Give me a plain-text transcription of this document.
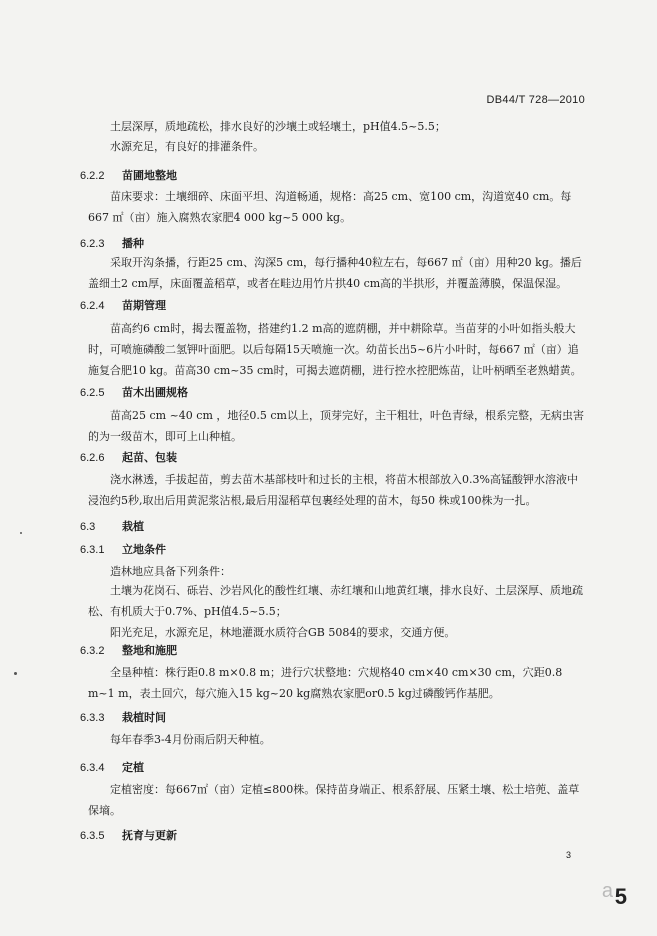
DB44/T 728—2010
土层深厚，质地疏松，排水良好的沙壤土或轻壤土，pH值4.5~5.5；
水源充足，有良好的排灌条件。
6.2.2 苗圃地整地
苗床要求：土壤细碎、床面平坦、沟道畅通，规格：高25 cm、宽100 cm，沟道宽40 cm。每667 ㎡（亩）施入腐熟农家肥4 000 kg~5 000 kg。
6.2.3 播种
采取开沟条播，行距25 cm、沟深5 cm，每行播种40粒左右，每667 ㎡（亩）用种20 kg。播后盖细土2 cm厚，床面覆盖稻草，或者在畦边用竹片拱40 cm高的半拱形，并覆盖薄膜，保温保湿。
6.2.4 苗期管理
苗高约6 cm时，揭去覆盖物，搭建约1.2 m高的遮荫棚，并中耕除草。当苗芽的小叶如指头般大时，可喷施磷酸二氢钾叶面肥。以后每隔15天喷施一次。幼苗长出5~6片小叶时，每667 ㎡（亩）追施复合肥10 kg。苗高30 cm~35 cm时，可揭去遮荫棚，进行控水控肥炼苗，让叶柄晒至老熟蜡黄。
6.2.5 苗木出圃规格
苗高25 cm ~40 cm ，地径0.5 cm以上，顶芽完好，主干粗壮，叶色青绿，根系完整，无病虫害的为一级苗木，即可上山种植。
6.2.6 起苗、包装
浇水淋透，手拔起苗，剪去苗木基部枝叶和过长的主根，将苗木根部放入0.3%高锰酸钾水溶液中浸泡约5秒,取出后用黄泥浆沾根,最后用湿稻草包裹经处理的苗木，每50 株或100株为一扎。
6.3 栽植
6.3.1 立地条件
造林地应具备下列条件：
土壤为花岗石、砾岩、沙岩风化的酸性红壤、赤红壤和山地黄红壤，排水良好、土层深厚、质地疏松、有机质大于0.7%、pH值4.5~5.5；
阳光充足，水源充足，林地灌溉水质符合GB 5084的要求，交通方便。
6.3.2 整地和施肥
全垦种植：株行距0.8 m×0.8 m；进行穴状整地：穴规格40 cm×40 cm×30 cm，穴距0.8 m~1 m，表土回穴，每穴施入15 kg~20 kg腐熟农家肥or0.5 kg过磷酸钙作基肥。
6.3.3 栽植时间
每年春季3-4月份雨后阴天种植。
6.3.4 定植
定植密度：每667㎡（亩）定植≤800株。保持苗身端正、根系舒展、压紧土壤、松土培蔸、盖草保墒。
6.3.5 抚育与更新
3
a 5
